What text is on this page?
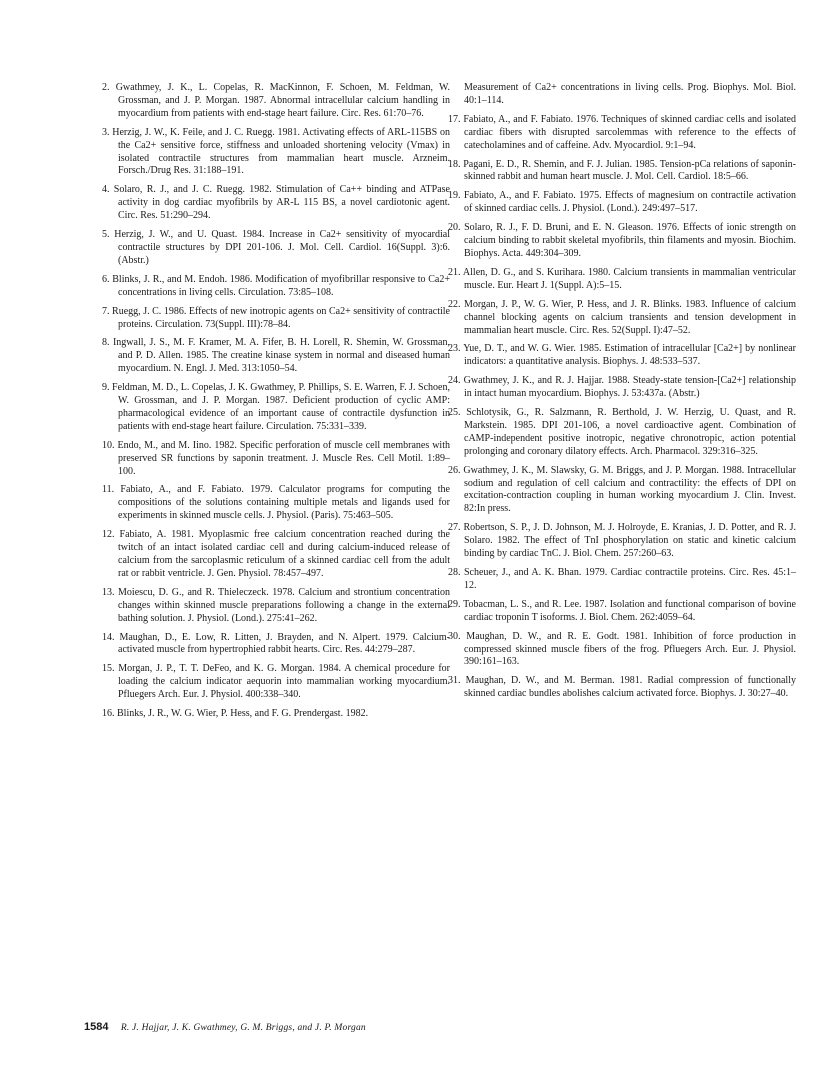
2. Gwathmey, J. K., L. Copelas, R. MacKinnon, F. Schoen, M. Feldman, W. Grossman, and J. P. Morgan. 1987. Abnormal intracellular calcium handling in myocardium from patients with end-stage heart failure. Circ. Res. 61:70–76.

3. Herzig, J. W., K. Feile, and J. C. Ruegg. 1981. Activating effects of ARL-115BS on the Ca2+ sensitive force, stiffness and unloaded shortening velocity (Vmax) in isolated contractile structures from mammalian heart muscle. Arzneim. Forsch./Drug Res. 31:188–191.

4. Solaro, R. J., and J. C. Ruegg. 1982. Stimulation of Ca++ binding and ATPase activity in dog cardiac myofibrils by AR-L 115 BS, a novel cardiotonic agent. Circ. Res. 51:290–294.

5. Herzig, J. W., and U. Quast. 1984. Increase in Ca2+ sensitivity of myocardial contractile structures by DPI 201-106. J. Mol. Cell. Cardiol. 16(Suppl. 3):6. (Abstr.)

6. Blinks, J. R., and M. Endoh. 1986. Modification of myofibrillar responsive to Ca2+ concentrations in living cells. Circulation. 73:85–108.

7. Ruegg, J. C. 1986. Effects of new inotropic agents on Ca2+ sensitivity of contractile proteins. Circulation. 73(Suppl. III):78–84.

8. Ingwall, J. S., M. F. Kramer, M. A. Fifer, B. H. Lorell, R. Shemin, W. Grossman, and P. D. Allen. 1985. The creatine kinase system in normal and diseased human myocardium. N. Engl. J. Med. 313:1050–54.

9. Feldman, M. D., L. Copelas, J. K. Gwathmey, P. Phillips, S. E. Warren, F. J. Schoen, W. Grossman, and J. P. Morgan. 1987. Deficient production of cyclic AMP: pharmacological evidence of an important cause of contractile dysfunction in patients with end-stage heart failure. Circulation. 75:331–339.

10. Endo, M., and M. Iino. 1982. Specific perforation of muscle cell membranes with preserved SR functions by saponin treatment. J. Muscle Res. Cell Motil. 1:89–100.

11. Fabiato, A., and F. Fabiato. 1979. Calculator programs for computing the compositions of the solutions containing multiple metals and ligands used for experiments in skinned muscle cells. J. Physiol. (Paris). 75:463–505.

12. Fabiato, A. 1981. Myoplasmic free calcium concentration reached during the twitch of an intact isolated cardiac cell and during calcium-induced release of calcium from the sarcoplasmic reticulum of a skinned cardiac cell from the adult rat or rabbit ventricle. J. Gen. Physiol. 78:457–497.

13. Moiescu, D. G., and R. Thieleczeck. 1978. Calcium and strontium concentration changes within skinned muscle preparations following a change in the external bathing solution. J. Physiol. (Lond.). 275:41–262.

14. Maughan, D., E. Low, R. Litten, J. Brayden, and N. Alpert. 1979. Calcium-activated muscle from hypertrophied rabbit hearts. Circ. Res. 44:279–287.

15. Morgan, J. P., T. T. DeFeo, and K. G. Morgan. 1984. A chemical procedure for loading the calcium indicator aequorin into mammalian working myocardium. Pfluegers Arch. Eur. J. Physiol. 400:338–340.

16. Blinks, J. R., W. G. Wier, P. Hess, and F. G. Prendergast. 1982.

Measurement of Ca2+ concentrations in living cells. Prog. Biophys. Mol. Biol. 40:1–114.

17. Fabiato, A., and F. Fabiato. 1976. Techniques of skinned cardiac cells and isolated cardiac fibers with disrupted sarcolemmas with reference to the effects of catecholamines and of caffeine. Adv. Myocardiol. 9:1–94.

18. Pagani, E. D., R. Shemin, and F. J. Julian. 1985. Tension-pCa relations of saponin-skinned rabbit and human heart muscle. J. Mol. Cell. Cardiol. 18:5–66.

19. Fabiato, A., and F. Fabiato. 1975. Effects of magnesium on contractile activation of skinned cardiac cells. J. Physiol. (Lond.). 249:497–517.

20. Solaro, R. J., F. D. Bruni, and E. N. Gleason. 1976. Effects of ionic strength on calcium binding to rabbit skeletal myofibrils, thin filaments and myosin. Biochim. Biophys. Acta. 449:304–309.

21. Allen, D. G., and S. Kurihara. 1980. Calcium transients in mammalian ventricular muscle. Eur. Heart J. 1(Suppl. A):5–15.

22. Morgan, J. P., W. G. Wier, P. Hess, and J. R. Blinks. 1983. Influence of calcium channel blocking agents on calcium transients and tension development in mammalian heart muscle. Circ. Res. 52(Suppl. I):47–52.

23. Yue, D. T., and W. G. Wier. 1985. Estimation of intracellular [Ca2+] by nonlinear indicators: a quantitative analysis. Biophys. J. 48:533–537.

24. Gwathmey, J. K., and R. J. Hajjar. 1988. Steady-state tension-[Ca2+] relationship in intact human myocardium. Biophys. J. 53:437a. (Abstr.)

25. Schlotysik, G., R. Salzmann, R. Berthold, J. W. Herzig, U. Quast, and R. Markstein. 1985. DPI 201-106, a novel cardioactive agent. Combination of cAMP-independent positive inotropic, negative chronotropic, action potential prolonging and coronary dilatory effects. Arch. Pharmacol. 329:316–325.

26. Gwathmey, J. K., M. Slawsky, G. M. Briggs, and J. P. Morgan. 1988. Intracellular sodium and regulation of cell calcium and contractility: the effects of DPI on excitation-contraction coupling in human working myocardium J. Clin. Invest. 82:In press.

27. Robertson, S. P., J. D. Johnson, M. J. Holroyde, E. Kranias, J. D. Potter, and R. J. Solaro. 1982. The effect of TnI phosphorylation on static and kinetic calcium binding by cardiac TnC. J. Biol. Chem. 257:260–63.

28. Scheuer, J., and A. K. Bhan. 1979. Cardiac contractile proteins. Circ. Res. 45:1–12.

29. Tobacman, L. S., and R. Lee. 1987. Isolation and functional comparison of bovine cardiac troponin T isoforms. J. Biol. Chem. 262:4059–64.

30. Maughan, D. W., and R. E. Godt. 1981. Inhibition of force production in compressed skinned muscle fibers of the frog. Pfluegers Arch. Eur. J. Physiol. 390:161–163.

31. Maughan, D. W., and M. Berman. 1981. Radial compression of functionally skinned cardiac bundles abolishes calcium activated force. Biophys. J. 30:27–40.

1584 R. J. Hajjar, J. K. Gwathmey, G. M. Briggs, and J. P. Morgan
